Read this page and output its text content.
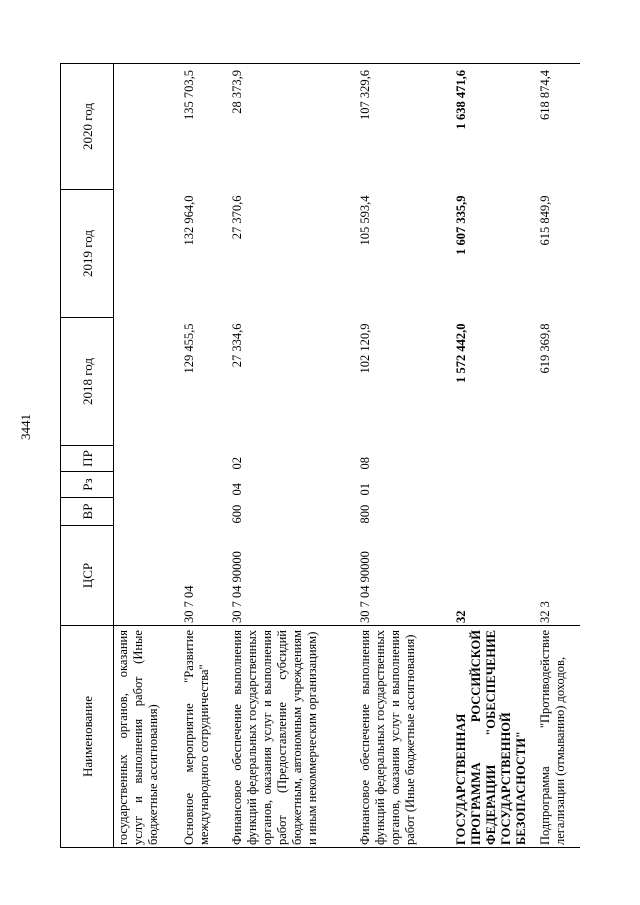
3441
Наименование	ЦСР	ВР	Рз	ПР	2018 год	2019 год	2020 год
государственных органов, оказания услуг и выполнения работ (Иные бюджетные ассигнования)							
Основное мероприятие "Развитие международного сотрудничества"	30 7 04				129 455,5	132 964,0	135 703,5
Финансовое обеспечение выполнения функций федеральных государственных органов, оказания услуг и выполнения работ (Предоставление субсидий бюджетным, автономным учреждениям и иным некоммерческим организациям)	30 7 04 90000	600	04	02	27 334,6	27 370,6	28 373,9
Финансовое обеспечение выполнения функций федеральных государственных органов, оказания услуг и выполнения работ (Иные бюджетные ассигнования)	30 7 04 90000	800	01	08	102 120,9	105 593,4	107 329,6
ГОСУДАРСТВЕННАЯ ПРОГРАММА РОССИЙСКОЙ ФЕДЕРАЦИИ "ОБЕСПЕЧЕНИЕ ГОСУДАРСТВЕННОЙ БЕЗОПАСНОСТИ"	32				1 572 442,0	1 607 335,9	1 638 471,6
Подпрограмма "Противодействие легализации (отмыванию) доходов,	32 3				619 369,8	615 849,9	618 874,4
